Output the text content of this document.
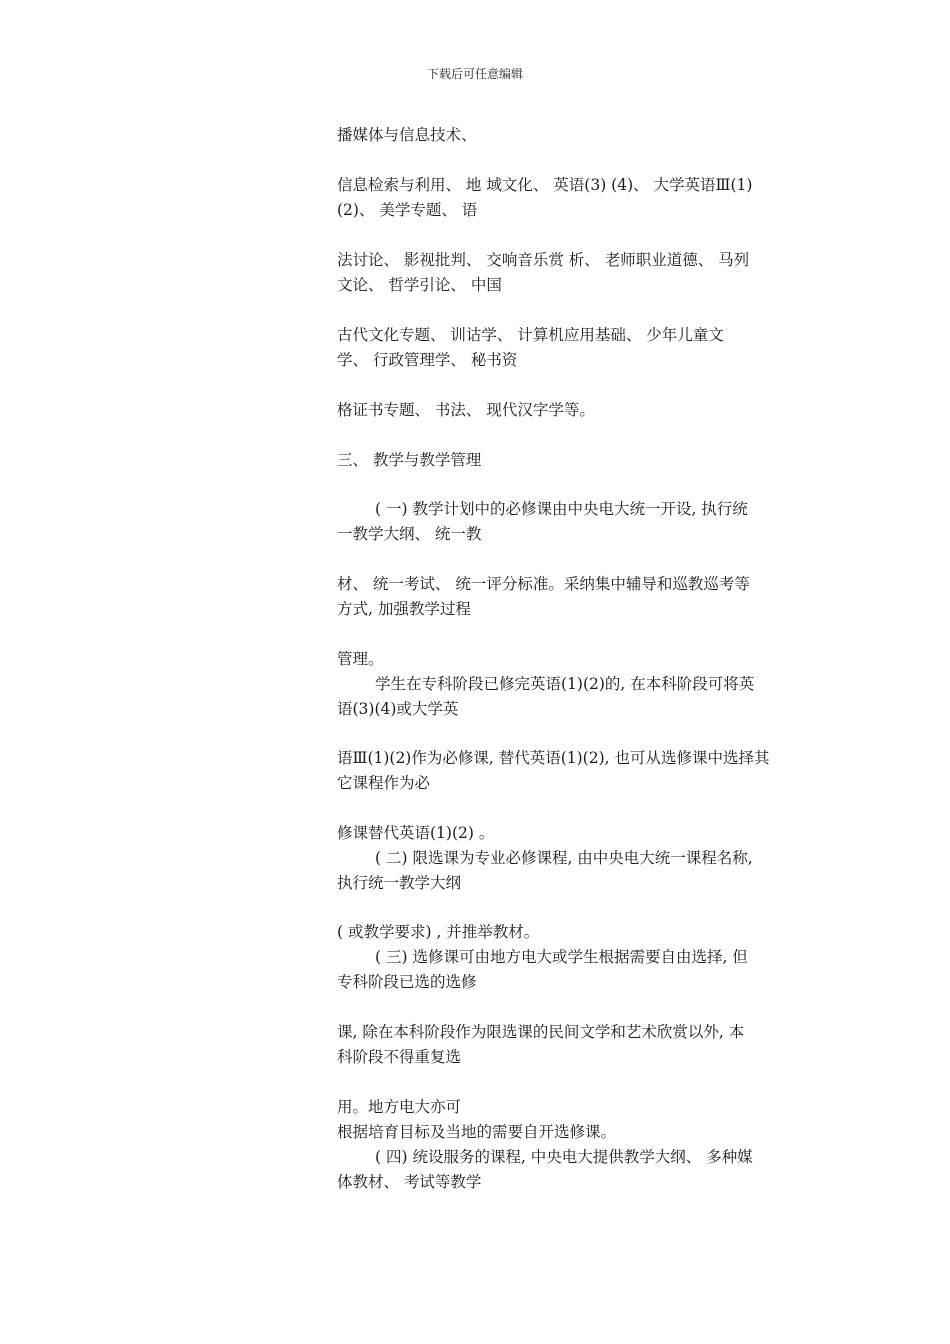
下载后可任意编辑

播媒体与信息技术、

信息检索与利用、 地 域文化、 英语(3) (4)、 大学英语Ⅲ(1)
(2)、 美学专题、 语

法讨论、 影视批判、 交响音乐赏 析、 老师职业道德、 马列
文论、 哲学引论、 中国

古代文化专题、 训诂学、 计算机应用基础、 少年儿童文
学、 行政管理学、 秘书资

格证书专题、 书法、 现代汉字学等。

三、 教学与教学管理

( 一) 教学计划中的必修课由中央电大统一开设, 执行统
一教学大纲、 统一教

材、 统一考试、 统一评分标准。采纳集中辅导和巡教巡考等
方式, 加强教学过程

管理。
学生在专科阶段已修完英语(1)(2)的, 在本科阶段可将英
语(3)(4)或大学英

语Ⅲ(1)(2)作为必修课, 替代英语(1)(2), 也可从选修课中选择其
它课程作为必

修课替代英语(1)(2) 。
( 二) 限选课为专业必修课程, 由中央电大统一课程名称,
执行统一教学大纲

( 或教学要求) , 并推举教材。
( 三) 选修课可由地方电大或学生根据需要自由选择, 但
专科阶段已选的选修

课, 除在本科阶段作为限选课的民间文学和艺术欣赏以外, 本
科阶段不得重复选

用。地方电大亦可
根据培育目标及当地的需要自开选修课。
( 四) 统设服务的课程, 中央电大提供教学大纲、 多种媒
体教材、 考试等教学
